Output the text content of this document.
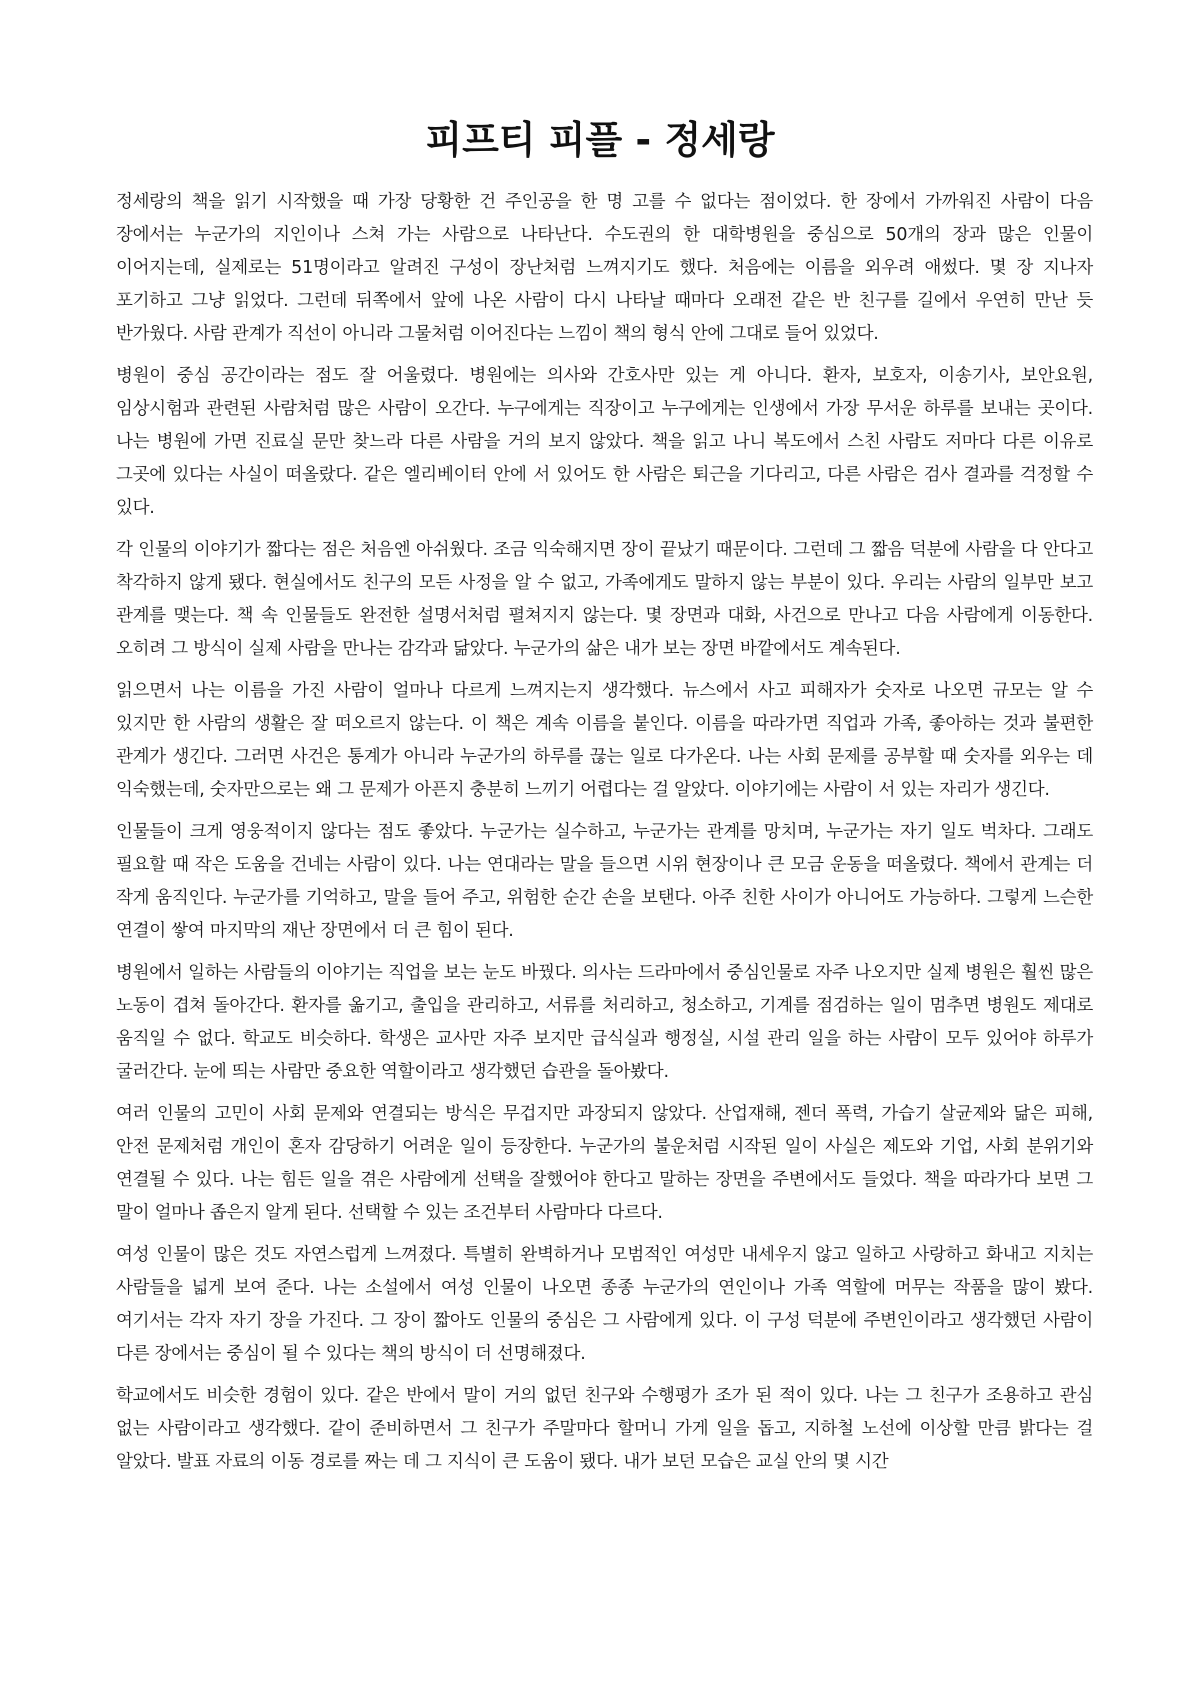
피프티 피플 - 정세랑

정세랑의 책을 읽기 시작했을 때 가장 당황한 건 주인공을 한 명 고를 수 없다는 점이었다. 한 장에서 가까워진 사람이 다음 장에서는 누군가의 지인이나 스쳐 가는 사람으로 나타난다. 수도권의 한 대학병원을 중심으로 50개의 장과 많은 인물이 이어지는데, 실제로는 51명이라고 알려진 구성이 장난처럼 느껴지기도 했다. 처음에는 이름을 외우려 애썼다. 몇 장 지나자 포기하고 그냥 읽었다. 그런데 뒤쪽에서 앞에 나온 사람이 다시 나타날 때마다 오래전 같은 반 친구를 길에서 우연히 만난 듯 반가웠다. 사람 관계가 직선이 아니라 그물처럼 이어진다는 느낌이 책의 형식 안에 그대로 들어 있었다.

병원이 중심 공간이라는 점도 잘 어울렸다. 병원에는 의사와 간호사만 있는 게 아니다. 환자, 보호자, 이송기사, 보안요원, 임상시험과 관련된 사람처럼 많은 사람이 오간다. 누구에게는 직장이고 누구에게는 인생에서 가장 무서운 하루를 보내는 곳이다. 나는 병원에 가면 진료실 문만 찾느라 다른 사람을 거의 보지 않았다. 책을 읽고 나니 복도에서 스친 사람도 저마다 다른 이유로 그곳에 있다는 사실이 떠올랐다. 같은 엘리베이터 안에 서 있어도 한 사람은 퇴근을 기다리고, 다른 사람은 검사 결과를 걱정할 수 있다.

각 인물의 이야기가 짧다는 점은 처음엔 아쉬웠다. 조금 익숙해지면 장이 끝났기 때문이다. 그런데 그 짧음 덕분에 사람을 다 안다고 착각하지 않게 됐다. 현실에서도 친구의 모든 사정을 알 수 없고, 가족에게도 말하지 않는 부분이 있다. 우리는 사람의 일부만 보고 관계를 맺는다. 책 속 인물들도 완전한 설명서처럼 펼쳐지지 않는다. 몇 장면과 대화, 사건으로 만나고 다음 사람에게 이동한다. 오히려 그 방식이 실제 사람을 만나는 감각과 닮았다. 누군가의 삶은 내가 보는 장면 바깥에서도 계속된다.

읽으면서 나는 이름을 가진 사람이 얼마나 다르게 느껴지는지 생각했다. 뉴스에서 사고 피해자가 숫자로 나오면 규모는 알 수 있지만 한 사람의 생활은 잘 떠오르지 않는다. 이 책은 계속 이름을 붙인다. 이름을 따라가면 직업과 가족, 좋아하는 것과 불편한 관계가 생긴다. 그러면 사건은 통계가 아니라 누군가의 하루를 끊는 일로 다가온다. 나는 사회 문제를 공부할 때 숫자를 외우는 데 익숙했는데, 숫자만으로는 왜 그 문제가 아픈지 충분히 느끼기 어렵다는 걸 알았다. 이야기에는 사람이 서 있는 자리가 생긴다.

인물들이 크게 영웅적이지 않다는 점도 좋았다. 누군가는 실수하고, 누군가는 관계를 망치며, 누군가는 자기 일도 벅차다. 그래도 필요할 때 작은 도움을 건네는 사람이 있다. 나는 연대라는 말을 들으면 시위 현장이나 큰 모금 운동을 떠올렸다. 책에서 관계는 더 작게 움직인다. 누군가를 기억하고, 말을 들어 주고, 위험한 순간 손을 보탠다. 아주 친한 사이가 아니어도 가능하다. 그렇게 느슨한 연결이 쌓여 마지막의 재난 장면에서 더 큰 힘이 된다.

병원에서 일하는 사람들의 이야기는 직업을 보는 눈도 바꿨다. 의사는 드라마에서 중심인물로 자주 나오지만 실제 병원은 훨씬 많은 노동이 겹쳐 돌아간다. 환자를 옮기고, 출입을 관리하고, 서류를 처리하고, 청소하고, 기계를 점검하는 일이 멈추면 병원도 제대로 움직일 수 없다. 학교도 비슷하다. 학생은 교사만 자주 보지만 급식실과 행정실, 시설 관리 일을 하는 사람이 모두 있어야 하루가 굴러간다. 눈에 띄는 사람만 중요한 역할이라고 생각했던 습관을 돌아봤다.

여러 인물의 고민이 사회 문제와 연결되는 방식은 무겁지만 과장되지 않았다. 산업재해, 젠더 폭력, 가습기 살균제와 닮은 피해, 안전 문제처럼 개인이 혼자 감당하기 어려운 일이 등장한다. 누군가의 불운처럼 시작된 일이 사실은 제도와 기업, 사회 분위기와 연결될 수 있다. 나는 힘든 일을 겪은 사람에게 선택을 잘했어야 한다고 말하는 장면을 주변에서도 들었다. 책을 따라가다 보면 그 말이 얼마나 좁은지 알게 된다. 선택할 수 있는 조건부터 사람마다 다르다.

여성 인물이 많은 것도 자연스럽게 느껴졌다. 특별히 완벽하거나 모범적인 여성만 내세우지 않고 일하고 사랑하고 화내고 지치는 사람들을 넓게 보여 준다. 나는 소설에서 여성 인물이 나오면 종종 누군가의 연인이나 가족 역할에 머무는 작품을 많이 봤다. 여기서는 각자 자기 장을 가진다. 그 장이 짧아도 인물의 중심은 그 사람에게 있다. 이 구성 덕분에 주변인이라고 생각했던 사람이 다른 장에서는 중심이 될 수 있다는 책의 방식이 더 선명해졌다.

학교에서도 비슷한 경험이 있다. 같은 반에서 말이 거의 없던 친구와 수행평가 조가 된 적이 있다. 나는 그 친구가 조용하고 관심 없는 사람이라고 생각했다. 같이 준비하면서 그 친구가 주말마다 할머니 가게 일을 돕고, 지하철 노선에 이상할 만큼 밝다는 걸 알았다. 발표 자료의 이동 경로를 짜는 데 그 지식이 큰 도움이 됐다. 내가 보던 모습은 교실 안의 몇 시간
